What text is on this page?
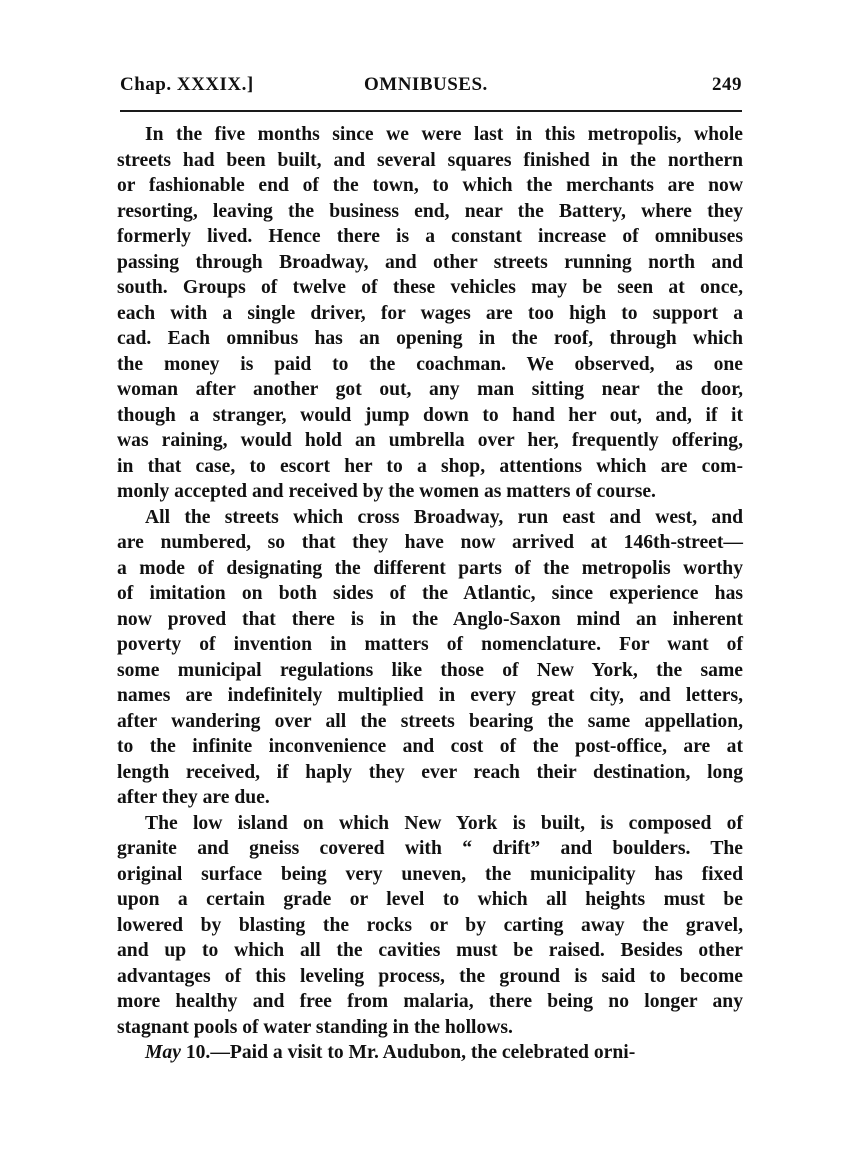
Chap. XXXIX.]	OMNIBUSES.	249
In the five months since we were last in this metropolis, whole
streets had been built, and several squares finished in the northern
or fashionable end of the town, to which the merchants are now
resorting, leaving the business end, near the Battery, where they
formerly lived. Hence there is a constant increase of omnibuses
passing through Broadway, and other streets running north and
south. Groups of twelve of these vehicles may be seen at once,
each with a single driver, for wages are too high to support a
cad. Each omnibus has an opening in the roof, through which
the money is paid to the coachman. We observed, as one
woman after another got out, any man sitting near the door,
though a stranger, would jump down to hand her out, and, if it
was raining, would hold an umbrella over her, frequently offering,
in that case, to escort her to a shop, attentions which are com-
monly accepted and received by the women as matters of course.
All the streets which cross Broadway, run east and west, and
are numbered, so that they have now arrived at 146th-street—
a mode of designating the different parts of the metropolis worthy
of imitation on both sides of the Atlantic, since experience has
now proved that there is in the Anglo-Saxon mind an inherent
poverty of invention in matters of nomenclature. For want of
some municipal regulations like those of New York, the same
names are indefinitely multiplied in every great city, and letters,
after wandering over all the streets bearing the same appellation,
to the infinite inconvenience and cost of the post-office, are at
length received, if haply they ever reach their destination, long
after they are due.
The low island on which New York is built, is composed of
granite and gneiss covered with “ drift” and boulders. The
original surface being very uneven, the municipality has fixed
upon a certain grade or level to which all heights must be
lowered by blasting the rocks or by carting away the gravel,
and up to which all the cavities must be raised. Besides other
advantages of this leveling process, the ground is said to become
more healthy and free from malaria, there being no longer any
stagnant pools of water standing in the hollows.
May 10.—Paid a visit to Mr. Audubon, the celebrated orni-
